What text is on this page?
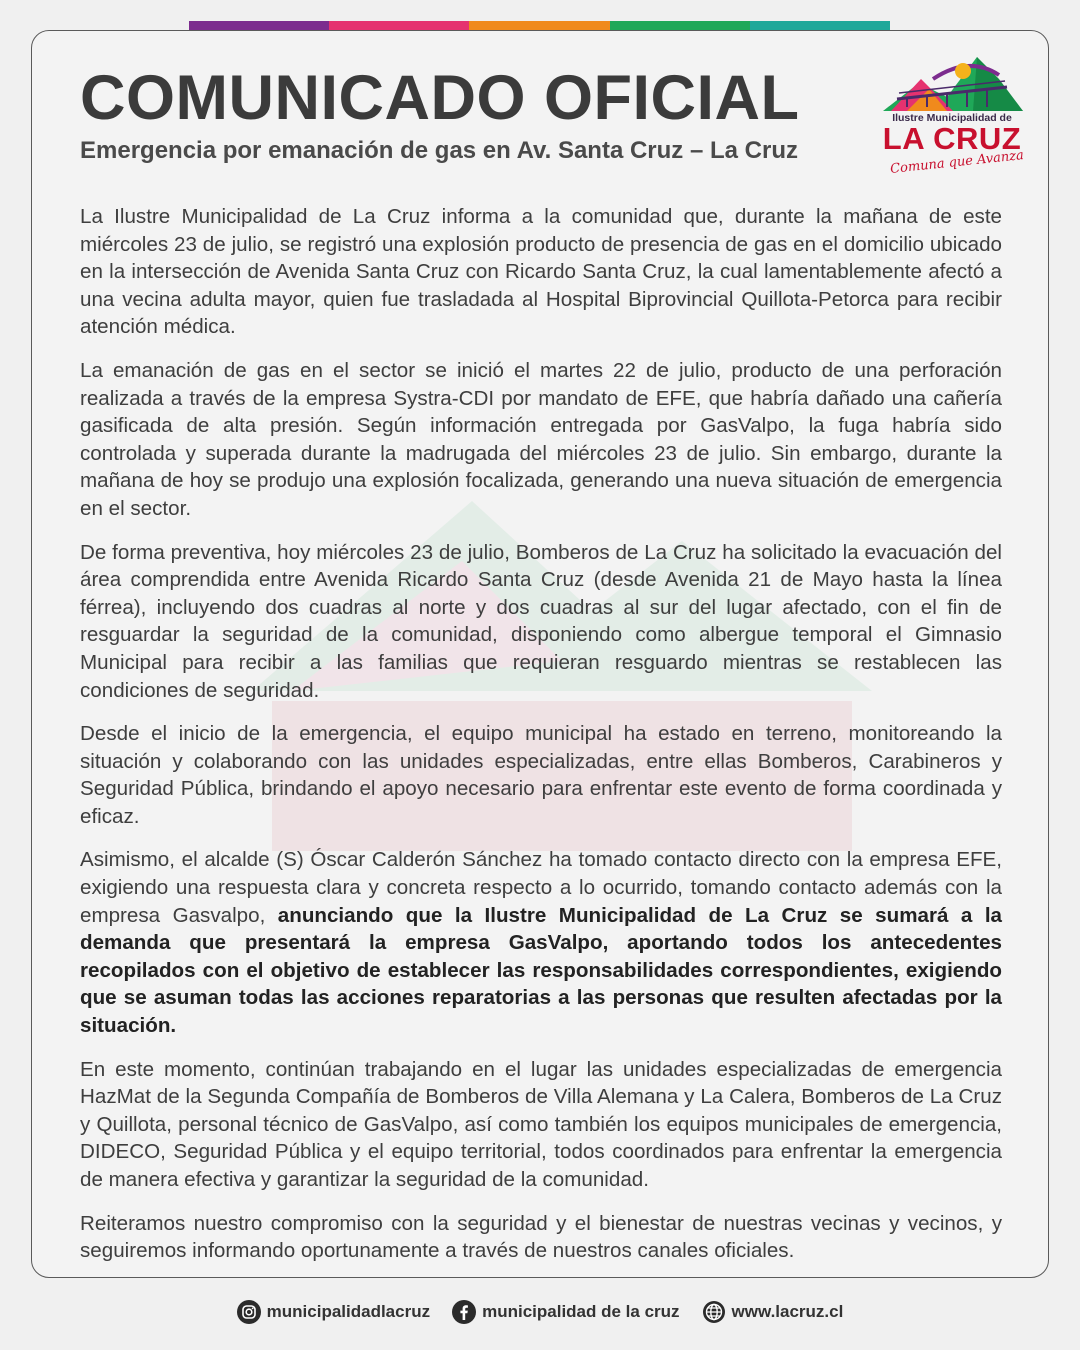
COMUNICADO OFICIAL
Emergencia por emanación de gas en Av. Santa Cruz – La Cruz
Ilustre Municipalidad de
LA CRUZ
Comuna que Avanza

La Ilustre Municipalidad de La Cruz informa a la comunidad que, durante la mañana de este miércoles 23 de julio, se registró una explosión producto de presencia de gas en el domicilio ubicado en la intersección de Avenida Santa Cruz con Ricardo Santa Cruz, la cual lamentablemente afectó a una vecina adulta mayor, quien fue trasladada al Hospital Biprovincial Quillota-Petorca para recibir atención médica.

La emanación de gas en el sector se inició el martes 22 de julio, producto de una perforación realizada a través de la empresa Systra-CDI por mandato de EFE, que habría dañado una cañería gasificada de alta presión. Según información entregada por GasValpo, la fuga habría sido controlada y superada durante la madrugada del miércoles 23 de julio. Sin embargo, durante la mañana de hoy se produjo una explosión focalizada, generando una nueva situación de emergencia en el sector.

De forma preventiva, hoy miércoles 23 de julio, Bomberos de La Cruz ha solicitado la evacuación del área comprendida entre Avenida Ricardo Santa Cruz (desde Avenida 21 de Mayo hasta la línea férrea), incluyendo dos cuadras al norte y dos cuadras al sur del lugar afectado, con el fin de resguardar la seguridad de la comunidad, disponiendo como albergue temporal el Gimnasio Municipal para recibir a las familias que requieran resguardo mientras se restablecen las condiciones de seguridad.

Desde el inicio de la emergencia, el equipo municipal ha estado en terreno, monitoreando la situación y colaborando con las unidades especializadas, entre ellas Bomberos, Carabineros y Seguridad Pública, brindando el apoyo necesario para enfrentar este evento de forma coordinada y eficaz.

Asimismo, el alcalde (S) Óscar Calderón Sánchez ha tomado contacto directo con la empresa EFE, exigiendo una respuesta clara y concreta respecto a lo ocurrido, tomando contacto además con la empresa Gasvalpo, anunciando que la Ilustre Municipalidad de La Cruz se sumará a la demanda que presentará la empresa GasValpo, aportando todos los antecedentes recopilados con el objetivo de establecer las responsabilidades correspondientes, exigiendo que se asuman todas las acciones reparatorias a las personas que resulten afectadas por la situación.

En este momento, continúan trabajando en el lugar las unidades especializadas de emergencia HazMat de la Segunda Compañía de Bomberos de Villa Alemana y La Calera, Bomberos de La Cruz y Quillota, personal técnico de GasValpo, así como también los equipos municipales de emergencia, DIDECO, Seguridad Pública y el equipo territorial, todos coordinados para enfrentar la emergencia de manera efectiva y garantizar la seguridad de la comunidad.

Reiteramos nuestro compromiso con la seguridad y el bienestar de nuestras vecinas y vecinos, y seguiremos informando oportunamente a través de nuestros canales oficiales.

municipalidadlacruz	municipalidad de la cruz	www.lacruz.cl
